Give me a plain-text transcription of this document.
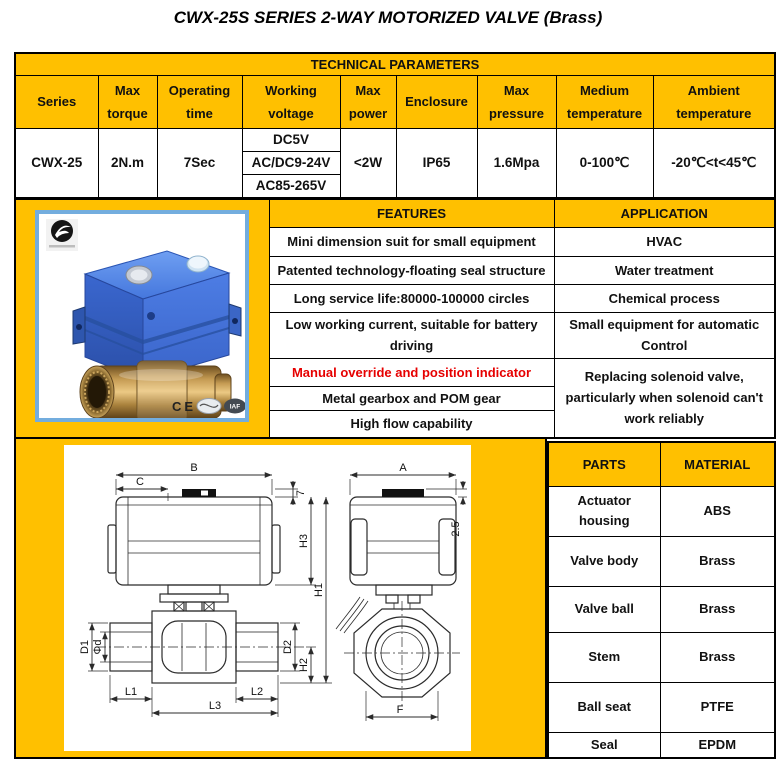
CWX-25S SERIES 2-WAY MOTORIZED VALVE (Brass)
TECHNICAL PARAMETERS								
Series	Max torque	Operating time	Working voltage	Max power	Enclosure	Max pressure	Medium temperature	Ambient temperature
CWX-25	2N.m	7Sec	DC5V	<2W	IP65	1.6Mpa	0-100℃	-20℃<t<45℃
			AC/DC9-24V					
			AC85-265V					
CE IAF	FEATURES	APPLICATION
	Mini dimension suit for small equipment	HVAC
	Patented technology-floating seal structure	Water treatment
	Long service life:80000-100000 circles	Chemical process
	Low working current, suitable for battery driving	Small equipment for automatic Control
	Manual override and position indicator	Replacing solenoid valve, particularly when solenoid can't work reliably
	Metal gearbox and POM gear	
	High flow capability	
B
C
7
H3
H1
H2
D1 Φd	D2
L1	L2
L3
A
2.5
F
PARTS	MATERIAL
Actuator housing	ABS
Valve body	Brass
Valve ball	Brass
Stem	Brass
Ball seat	PTFE
Seal	EPDM
